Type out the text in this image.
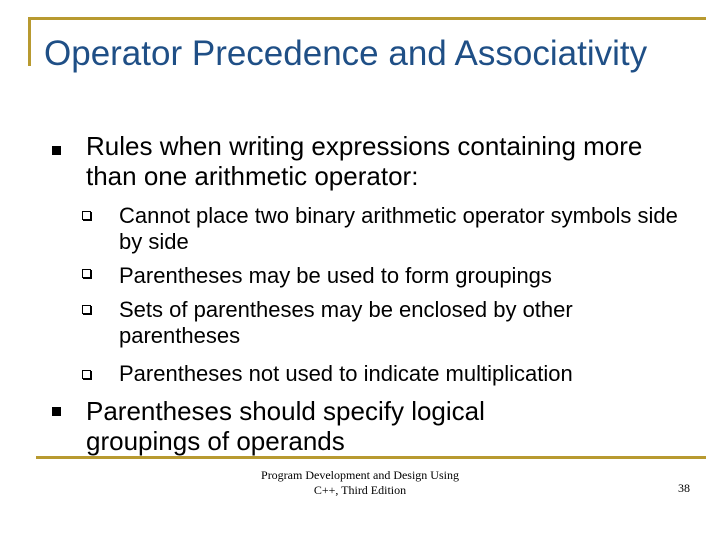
Operator Precedence and Associativity
Rules when writing expressions containing more than one arithmetic operator:
Cannot place two binary arithmetic operator symbols side by side
Parentheses may be used to form groupings
Sets of parentheses may be enclosed by other parentheses
Parentheses not used to indicate multiplication
Parentheses should specify logical groupings of operands
Program Development and Design Using
C++, Third Edition	38
